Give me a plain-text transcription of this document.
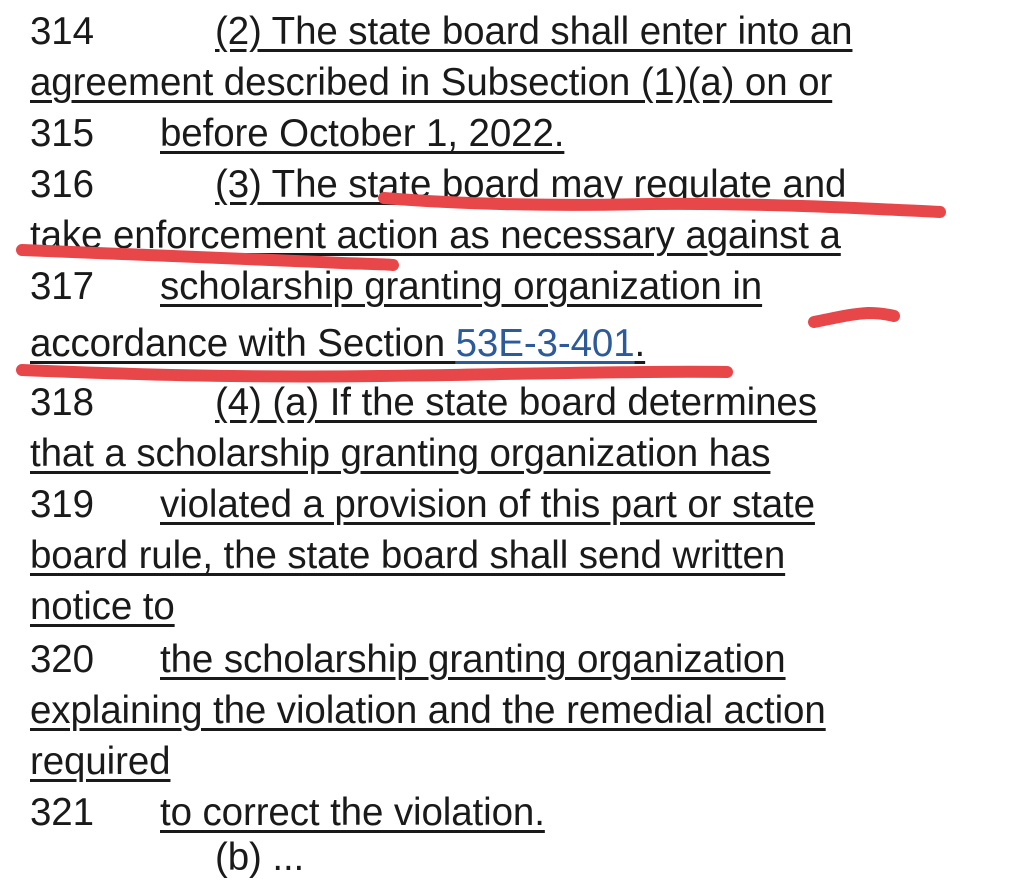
314	(2) The state board shall enter into an
agreement described in Subsection (1)(a) on or
315 before October 1, 2022.
316	(3) The state board may regulate and
take enforcement action as necessary against a
317 scholarship granting organization in
accordance with Section 53E-3-401.
318	(4) (a) If the state board determines
that a scholarship granting organization has
319 violated a provision of this part or state
board rule, the state board shall send written
notice to
320 the scholarship granting organization
explaining the violation and the remedial action
required
321 to correct the violation.
(b) ...
